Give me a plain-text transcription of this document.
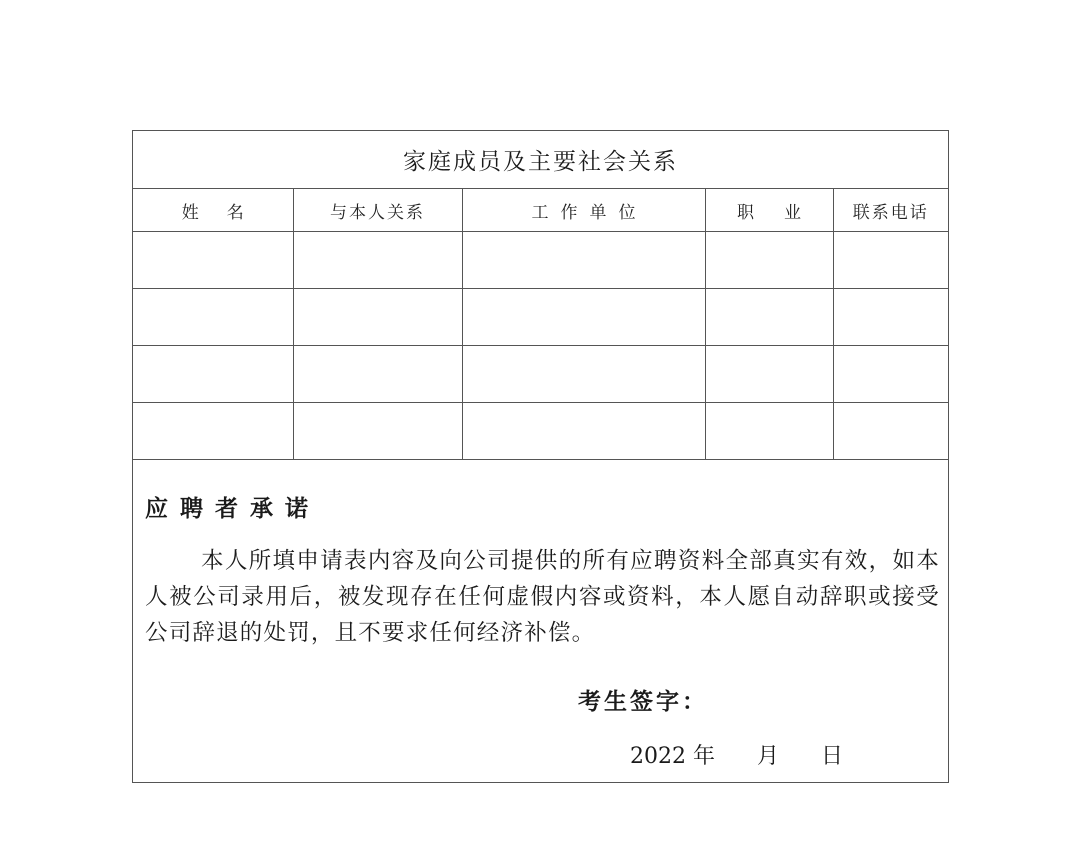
家庭成员及主要社会关系
姓名	与本人关系	工作单位	职业	联系电话

应聘者承诺
本人所填申请表内容及向公司提供的所有应聘资料全部真实有效，如本人被公司录用后，被发现存在任何虚假内容或资料，本人愿自动辞职或接受公司辞退的处罚，且不要求任何经济补偿。
考生签字：
2022 年 月 日
